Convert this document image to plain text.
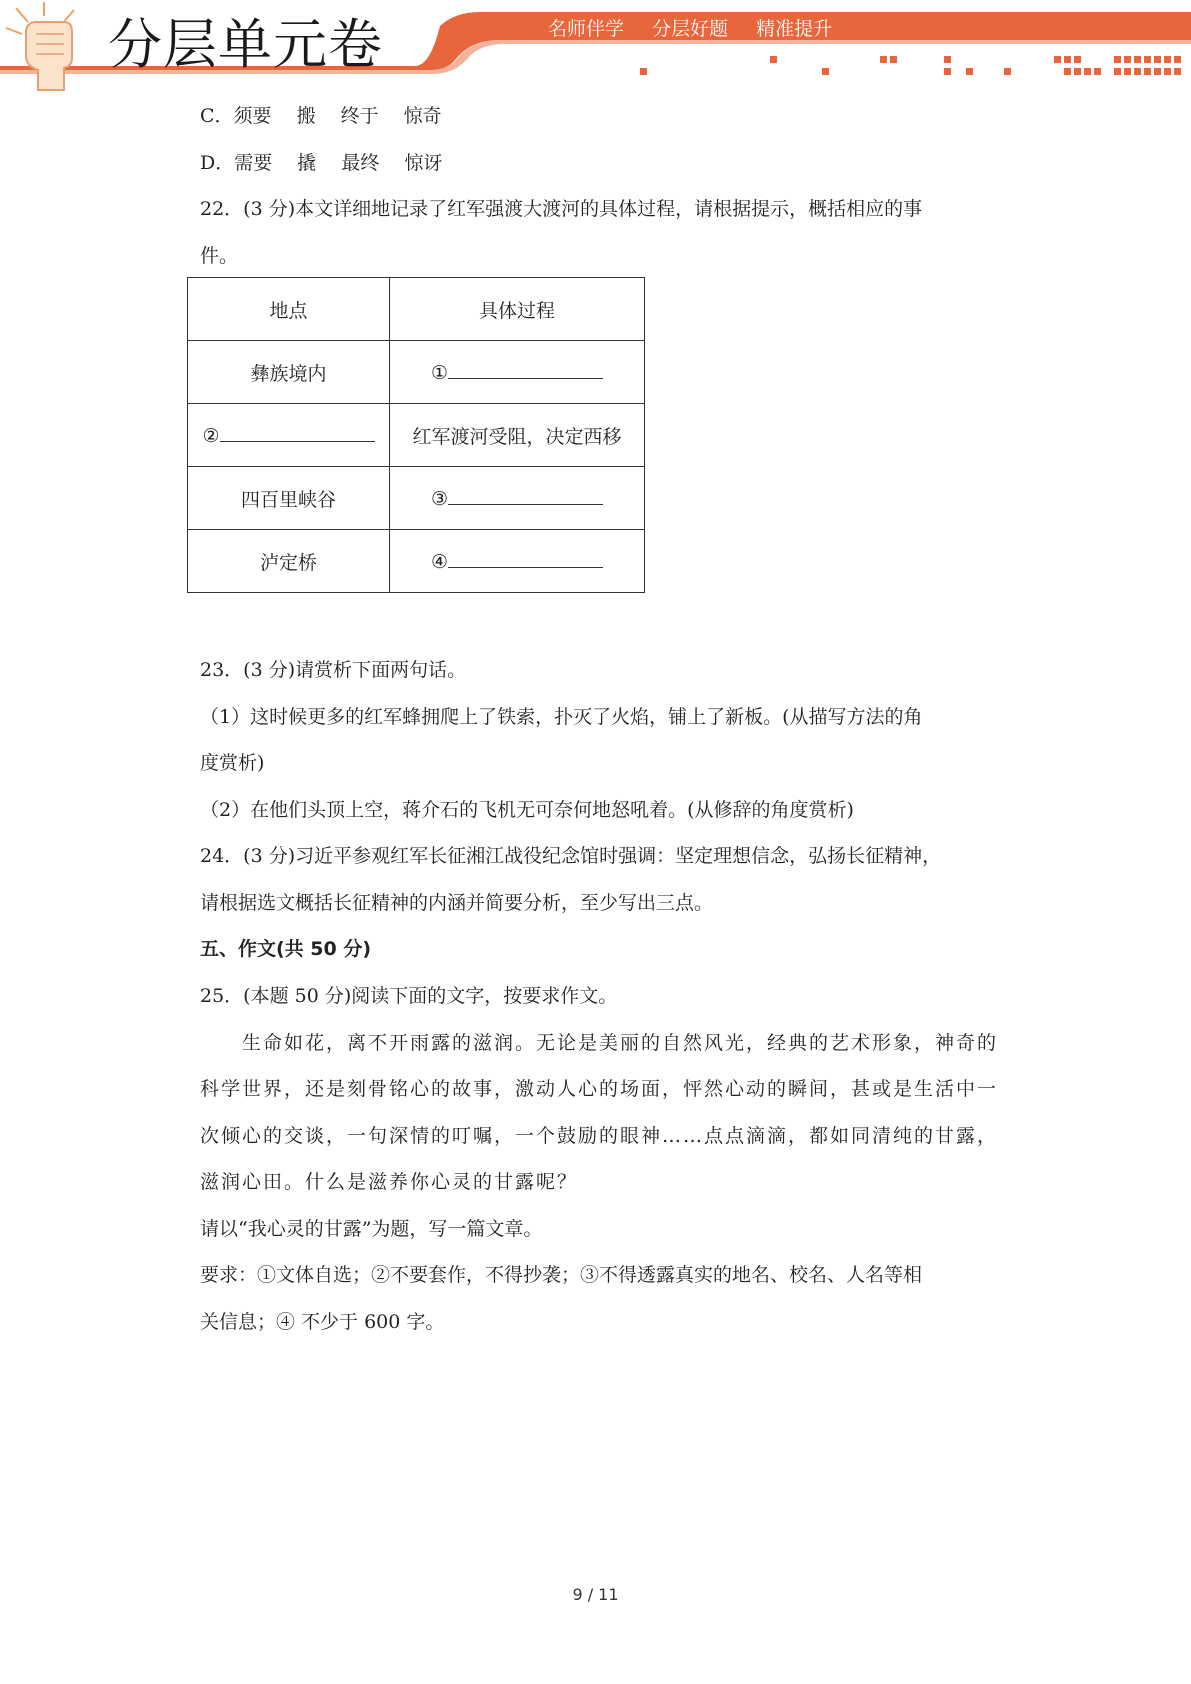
分层单元卷	名师伴学 分层好题 精准提升
C．须要　 搬　 终于　 惊奇
D．需要　 撬　 最终　 惊讶
22．(3 分)本文详细地记录了红军强渡大渡河的具体过程，请根据提示，概括相应的事
件。
地点	具体过程
彝族境内	①
②	红军渡河受阻，决定西移
四百里峡谷	③
泸定桥	④
23．(3 分)请赏析下面两句话。
（1）这时候更多的红军蜂拥爬上了铁索，扑灭了火焰，铺上了新板。(从描写方法的角
度赏析)
（2）在他们头顶上空，蒋介石的飞机无可奈何地怒吼着。(从修辞的角度赏析)
24．(3 分)习近平参观红军长征湘江战役纪念馆时强调：坚定理想信念，弘扬长征精神，
请根据选文概括长征精神的内涵并简要分析，至少写出三点。
五、作文(共 50 分)
25．(本题 50 分)阅读下面的文字，按要求作文。
生命如花，离不开雨露的滋润。无论是美丽的自然风光，经典的艺术形象，神奇的
科学世界，还是刻骨铭心的故事，激动人心的场面，怦然心动的瞬间，甚或是生活中一
次倾心的交谈，一句深情的叮嘱，一个鼓励的眼神……点点滴滴，都如同清纯的甘露，
滋润心田。什么是滋养你心灵的甘露呢？
请以“我心灵的甘露”为题，写一篇文章。
要求：①文体自选；②不要套作，不得抄袭；③不得透露真实的地名、校名、人名等相
关信息；④ 不少于 600 字。
9 / 11
